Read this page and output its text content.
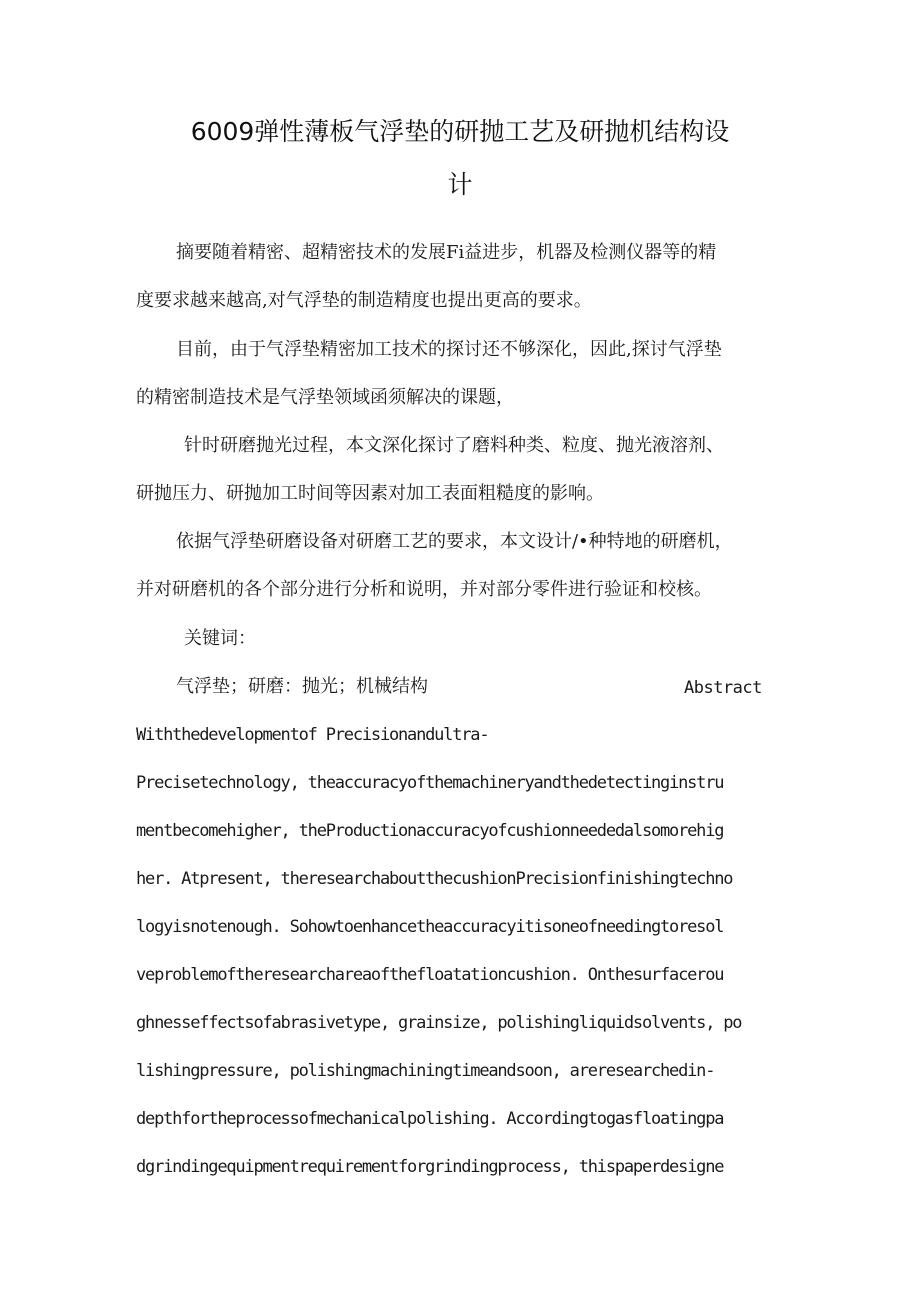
6009弹性薄板气浮垫的研抛工艺及研抛机结构设
计
摘要随着精密、超精密技术的发展Fi益进步，机器及检测仪器等的精
度要求越来越高,对气浮垫的制造精度也提出更高的要求。
目前，由于气浮垫精密加工技术的探讨还不够深化，因此,探讨气浮垫
的精密制造技术是气浮垫领域函须解决的课题，
针时研磨抛光过程，本文深化探讨了磨料种类、粒度、抛光液溶剂、
研抛压力、研抛加工时间等因素对加工表面粗糙度的影响。
依据气浮垫研磨设备对研磨工艺的要求，本文设计/•种特地的研磨机，
并对研磨机的各个部分进行分析和说明，并对部分零件进行验证和校核。
关键词：
气浮垫；研磨：抛光；机械结构	Abstract
Withthedevelopmentof Precisionandultra-
Precisetechnology, theaccuracyofthemachineryandthedetectinginstru
mentbecomehigher, theProductionaccuracyofcushionneededalsomorehig
her. Atpresent, theresearchaboutthecushionPrecisionfinishingtechno
logyisnotenough. Sohowtoenhancetheaccuracyitisoneofneedingtoresol
veproblemoftheresearchareaofthefloatationcushion. Onthesurfacerou
ghnesseffectsofabrasivetype, grainsize, polishingliquidsolvents, po
lishingpressure, polishingmachiningtimeandsoon, areresearchedin-
depthfortheprocessofmechanicalpolishing. Accordingtogasfloatingpa
dgrindingequipmentrequirementforgrindingprocess, thispaperdesigne
